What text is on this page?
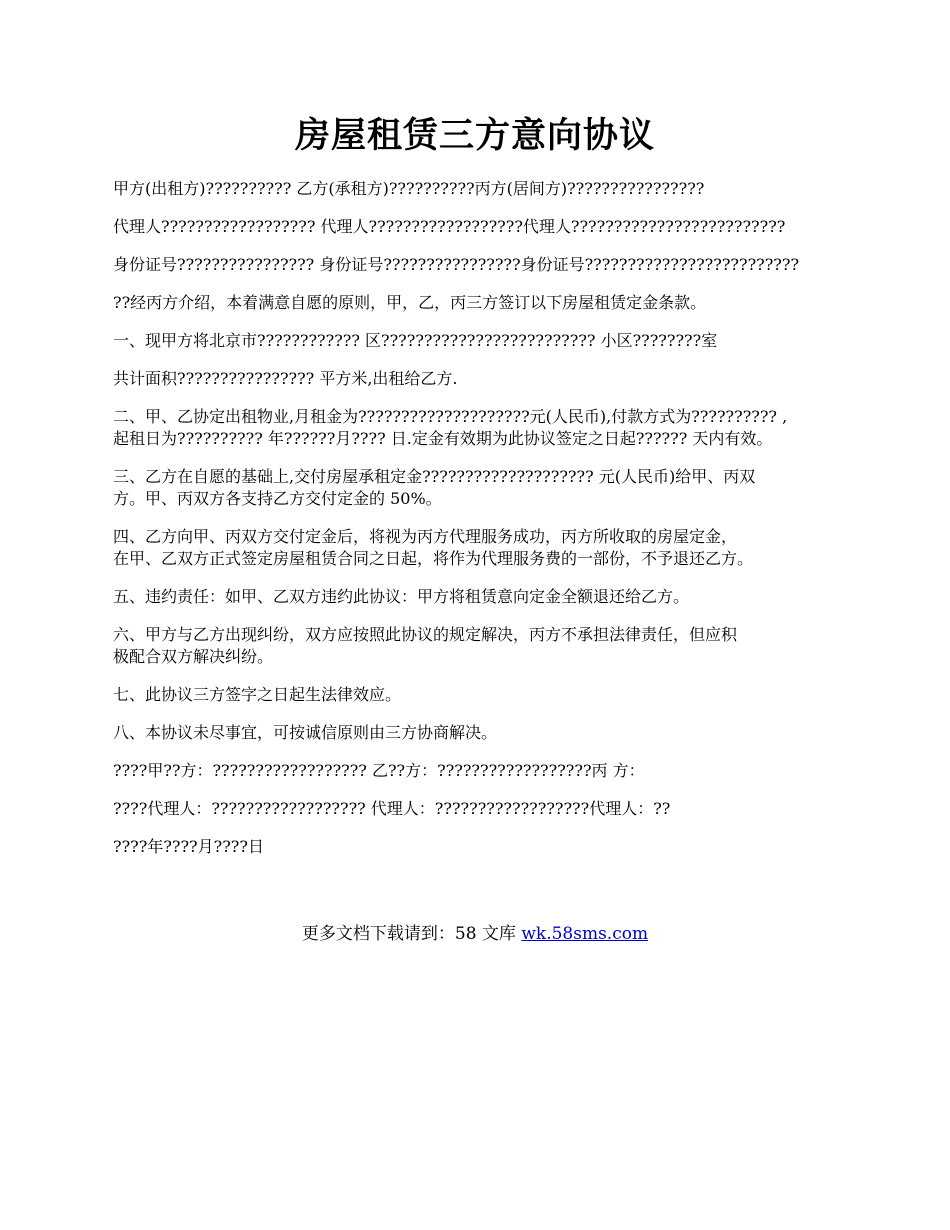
房屋租赁三方意向协议

甲方(出租方)?????????? 乙方(承租方)??????????丙方(居间方)????????????????

代理人?????????????????? 代理人??????????????????代理人?????????????????????????

身份证号???????????????? 身份证号????????????????身份证号?????????????????????????

??经丙方介绍，本着满意自愿的原则，甲，乙，丙三方签订以下房屋租赁定金条款。

一、现甲方将北京市???????????? 区????????????????????????? 小区????????室

共计面积???????????????? 平方米,出租给乙方.

二、甲、乙协定出租物业,月租金为????????????????????元(人民币),付款方式为?????????? ,
起租日为?????????? 年??????月???? 日.定金有效期为此协议签定之日起?????? 天内有效。

三、乙方在自愿的基础上,交付房屋承租定金???????????????????? 元(人民币)给甲、丙双
方。甲、丙双方各支持乙方交付定金的 50%。

四、乙方向甲、丙双方交付定金后，将视为丙方代理服务成功，丙方所收取的房屋定金，
在甲、乙双方正式签定房屋租赁合同之日起，将作为代理服务费的一部份，不予退还乙方。

五、违约责任：如甲、乙双方违约此协议：甲方将租赁意向定金全额退还给乙方。

六、甲方与乙方出现纠纷，双方应按照此协议的规定解决，丙方不承担法律责任，但应积
极配合双方解决纠纷。

七、此协议三方签字之日起生法律效应。

八、本协议未尽事宜，可按诚信原则由三方协商解决。

????甲??方：?????????????????? 乙??方：??????????????????丙 方：

????代理人：?????????????????? 代理人：??????????????????代理人：??

????年????月????日

更多文档下载请到：58 文库 wk.58sms.com
